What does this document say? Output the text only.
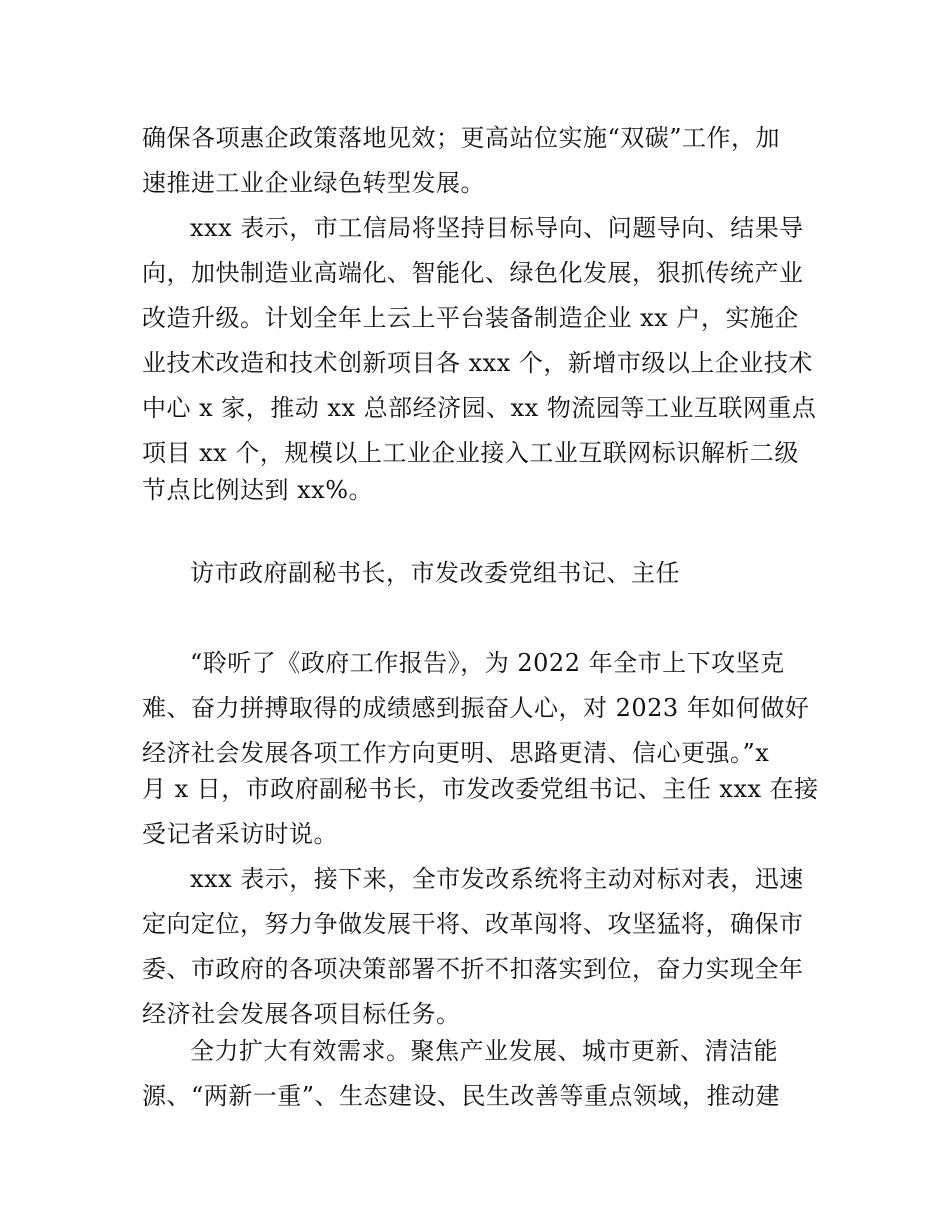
确保各项惠企政策落地见效；更高站位实施“双碳”工作，加
速推进工业企业绿色转型发展。
xxx 表示，市工信局将坚持目标导向、问题导向、结果导
向，加快制造业高端化、智能化、绿色化发展，狠抓传统产业
改造升级。计划全年上云上平台装备制造企业 xx 户，实施企
业技术改造和技术创新项目各 xxx 个，新增市级以上企业技术
中心 x 家，推动 xx 总部经济园、xx 物流园等工业互联网重点
项目 xx 个，规模以上工业企业接入工业互联网标识解析二级
节点比例达到 xx%。
访市政府副秘书长，市发改委党组书记、主任
“聆听了《政府工作报告》，为 2022 年全市上下攻坚克
难、奋力拼搏取得的成绩感到振奋人心，对 2023 年如何做好
经济社会发展各项工作方向更明、思路更清、信心更强。”x
月 x 日，市政府副秘书长，市发改委党组书记、主任 xxx 在接
受记者采访时说。
xxx 表示，接下来，全市发改系统将主动对标对表，迅速
定向定位，努力争做发展干将、改革闯将、攻坚猛将，确保市
委、市政府的各项决策部署不折不扣落实到位，奋力实现全年
经济社会发展各项目标任务。
全力扩大有效需求。聚焦产业发展、城市更新、清洁能
源、“两新一重”、生态建设、民生改善等重点领域，推动建
